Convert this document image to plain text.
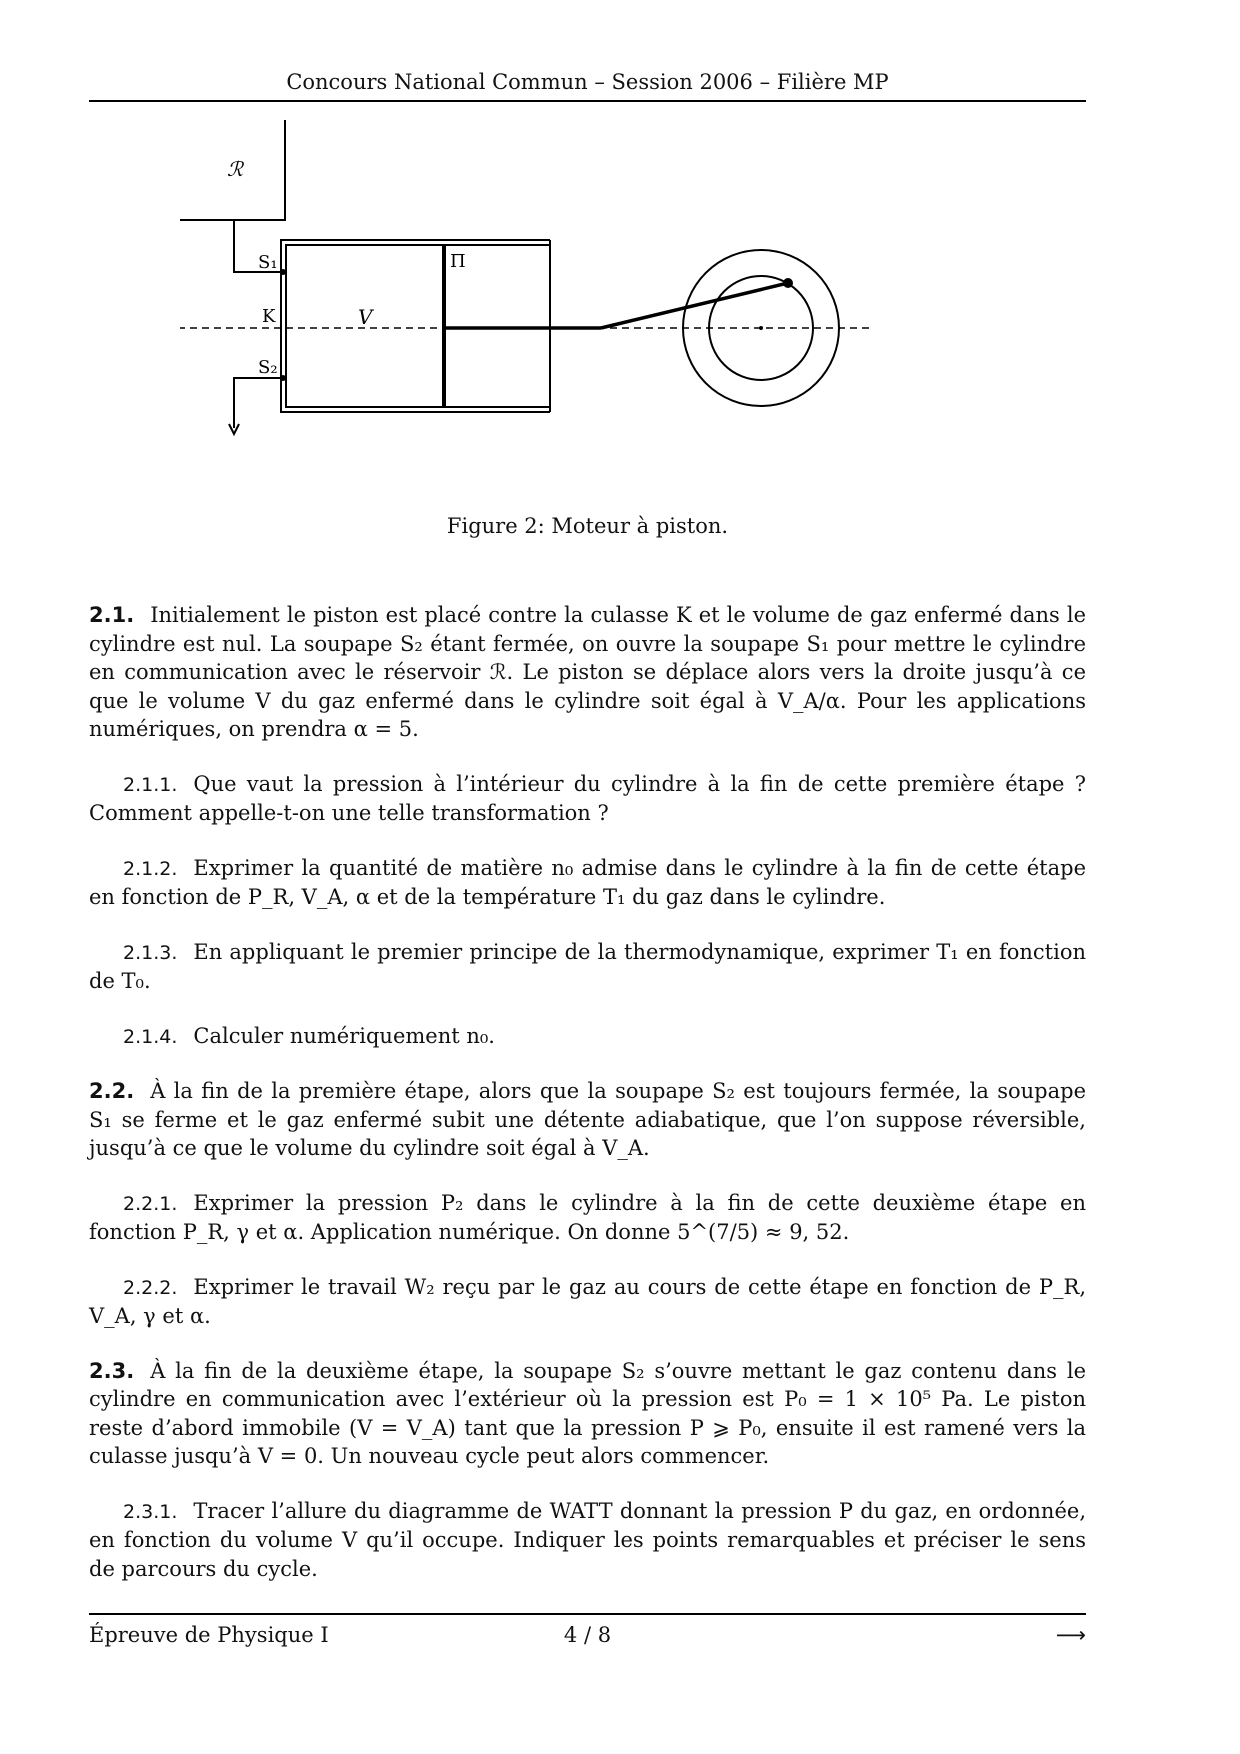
Concours National Commun – Session 2006 – Filière MP
ℛ
S₁
K
S₂
V
Π
Figure 2: Moteur à piston.

2.1. Initialement le piston est placé contre la culasse K et le volume de gaz enfermé dans le cylindre est nul. La soupape S₂ étant fermée, on ouvre la soupape S₁ pour mettre le cylindre en communication avec le réservoir ℛ. Le piston se déplace alors vers la droite jusqu’à ce que le volume V du gaz enfermé dans le cylindre soit égal à V_A/α. Pour les applications numériques, on prendra α = 5.

2.1.1. Que vaut la pression à l’intérieur du cylindre à la fin de cette première étape ? Comment appelle-t-on une telle transformation ?

2.1.2. Exprimer la quantité de matière n₀ admise dans le cylindre à la fin de cette étape en fonction de P_R, V_A, α et de la température T₁ du gaz dans le cylindre.

2.1.3. En appliquant le premier principe de la thermodynamique, exprimer T₁ en fonction de T₀.

2.1.4. Calculer numériquement n₀.

2.2. À la fin de la première étape, alors que la soupape S₂ est toujours fermée, la soupape S₁ se ferme et le gaz enfermé subit une détente adiabatique, que l’on suppose réversible, jusqu’à ce que le volume du cylindre soit égal à V_A.

2.2.1. Exprimer la pression P₂ dans le cylindre à la fin de cette deuxième étape en fonction P_R, γ et α. Application numérique. On donne 5^(7/5) ≈ 9, 52.

2.2.2. Exprimer le travail W₂ reçu par le gaz au cours de cette étape en fonction de P_R, V_A, γ et α.

2.3. À la fin de la deuxième étape, la soupape S₂ s’ouvre mettant le gaz contenu dans le cylindre en communication avec l’extérieur où la pression est P₀ = 1 × 10⁵ Pa. Le piston reste d’abord immobile (V = V_A) tant que la pression P ⩾ P₀, ensuite il est ramené vers la culasse jusqu’à V = 0. Un nouveau cycle peut alors commencer.

2.3.1. Tracer l’allure du diagramme de WATT donnant la pression P du gaz, en ordonnée, en fonction du volume V qu’il occupe. Indiquer les points remarquables et préciser le sens de parcours du cycle.

Épreuve de Physique I	4 / 8	⟶
